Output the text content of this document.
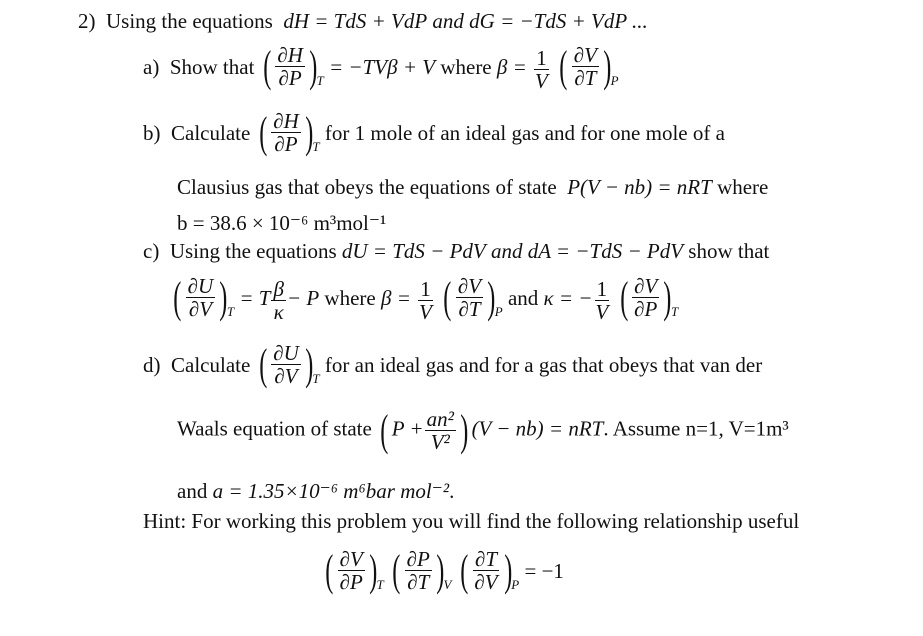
2) Using the equations dH = TdS + VdP and dG = −TdS + VdP ...
a) Show that ( $\frac{\partial H}{\partial P} )_T = -TV\beta + V$ where $\beta = \frac{1}{V}$ ( $\frac{\partial V}{\partial T} )_P$
b) Calculate ( $\frac{\partial H}{\partial P} )_T$ for 1 mole of an ideal gas and for one mole of a
Clausius gas that obeys the equations of state P(V − nb) = nRT where
b = 38.6 × 10⁻⁶ m³mol⁻¹
c) Using the equations dU = TdS − PdV and dA = −TdS − PdV show that
( $\frac{\partial U}{\partial V} )_T = T \frac{\beta}{\kappa} - P$ where $\beta = \frac{1}{V}$ ( $\frac{\partial V}{\partial T} )_P$ and κ = − $\frac{1}{V}$ ( $\frac{\partial V}{\partial P} )_T$
d) Calculate ( $\frac{\partial U}{\partial V} )_T$ for an ideal gas and for a gas that obeys that van der
Waals equation of state ( $P + \frac{\text{an²}}{\text{V²}}$ ) (V − nb) = nRT. Assume n=1, V=1m³
and a = 1.35×10⁻⁶ m⁶bar mol⁻².
Hint: For working this problem you will find the following relationship useful
( $\frac{\partial V}{\partial P} )_T$ ( $\frac{\partial P}{\partial T} )_V$ ( $\frac{\partial T}{\partial V} )_P = -1$
